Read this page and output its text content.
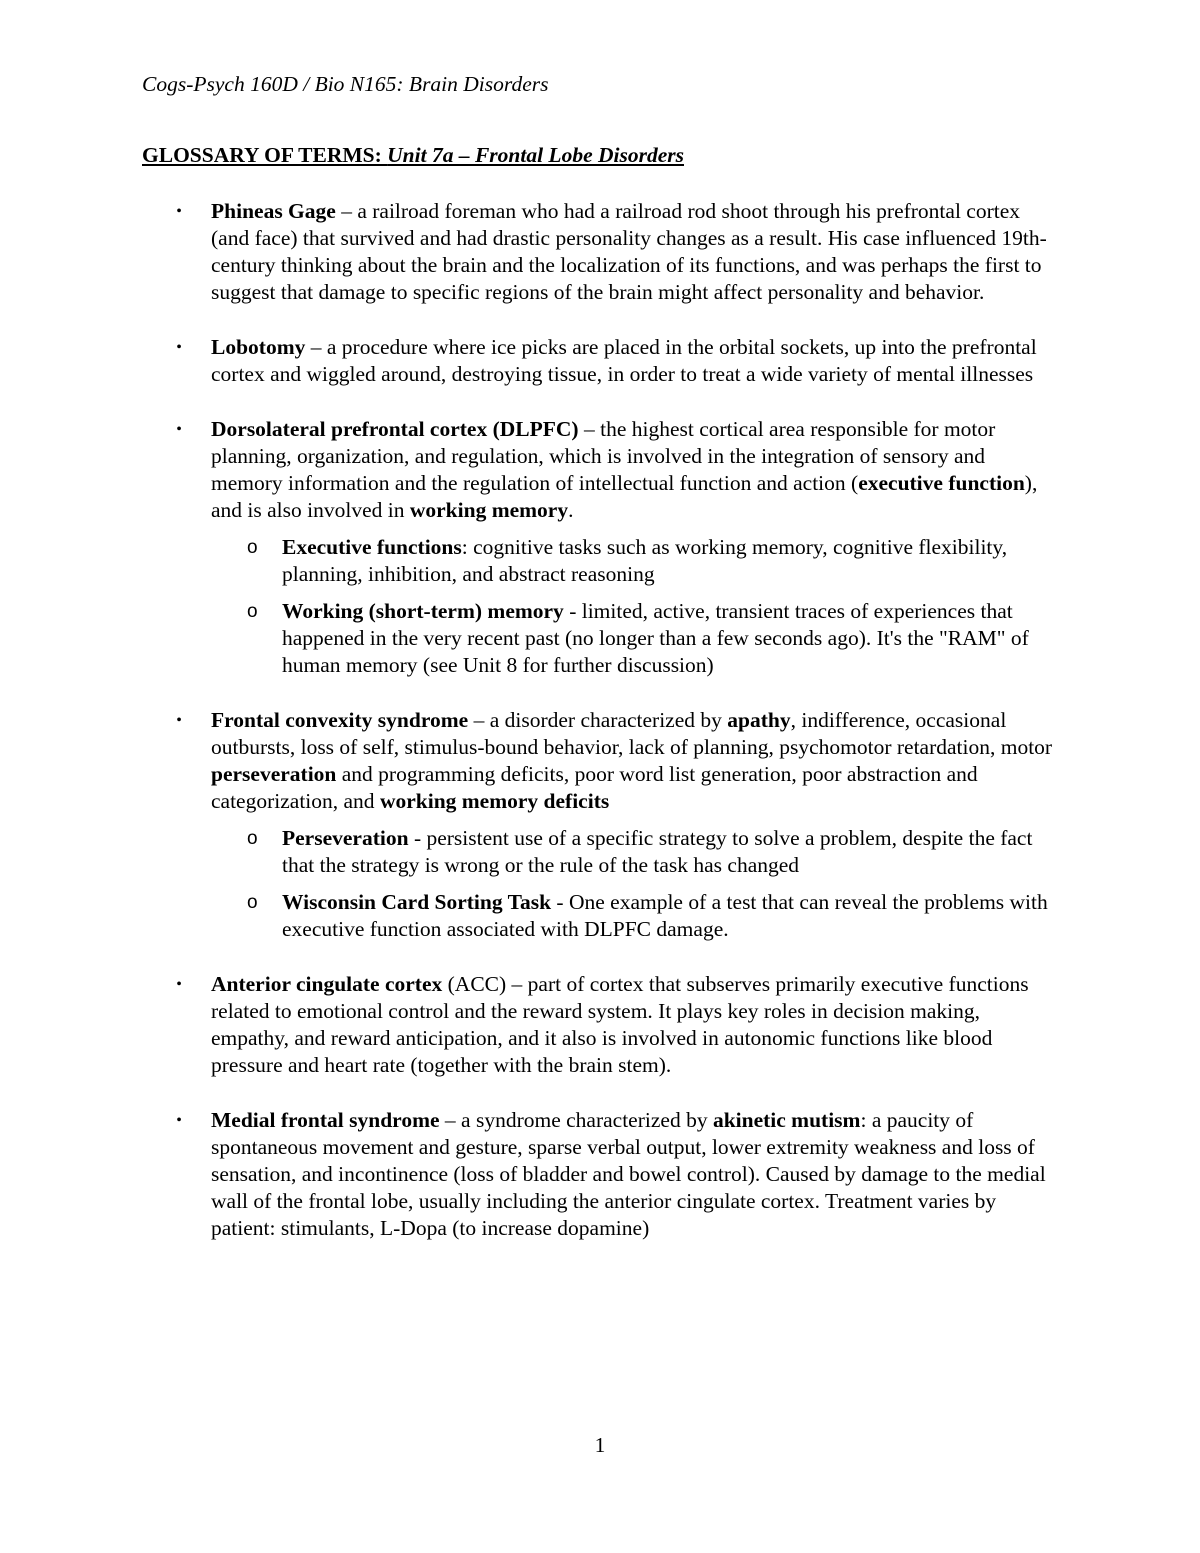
Cogs-Psych 160D / Bio N165: Brain Disorders
GLOSSARY OF TERMS: Unit 7a – Frontal Lobe Disorders
• Phineas Gage – a railroad foreman who had a railroad rod shoot through his prefrontal cortex (and face) that survived and had drastic personality changes as a result. His case influenced 19th-century thinking about the brain and the localization of its functions, and was perhaps the first to suggest that damage to specific regions of the brain might affect personality and behavior.
• Lobotomy – a procedure where ice picks are placed in the orbital sockets, up into the prefrontal cortex and wiggled around, destroying tissue, in order to treat a wide variety of mental illnesses
• Dorsolateral prefrontal cortex (DLPFC) – the highest cortical area responsible for motor planning, organization, and regulation, which is involved in the integration of sensory and memory information and the regulation of intellectual function and action (executive function), and is also involved in working memory.
o Executive functions: cognitive tasks such as working memory, cognitive flexibility, planning, inhibition, and abstract reasoning
o Working (short-term) memory - limited, active, transient traces of experiences that happened in the very recent past (no longer than a few seconds ago). It's the "RAM" of human memory (see Unit 8 for further discussion)
• Frontal convexity syndrome – a disorder characterized by apathy, indifference, occasional outbursts, loss of self, stimulus-bound behavior, lack of planning, psychomotor retardation, motor perseveration and programming deficits, poor word list generation, poor abstraction and categorization, and working memory deficits
o Perseveration - persistent use of a specific strategy to solve a problem, despite the fact that the strategy is wrong or the rule of the task has changed
o Wisconsin Card Sorting Task - One example of a test that can reveal the problems with executive function associated with DLPFC damage.
• Anterior cingulate cortex (ACC) – part of cortex that subserves primarily executive functions related to emotional control and the reward system. It plays key roles in decision making, empathy, and reward anticipation, and it also is involved in autonomic functions like blood pressure and heart rate (together with the brain stem).
• Medial frontal syndrome – a syndrome characterized by akinetic mutism: a paucity of spontaneous movement and gesture, sparse verbal output, lower extremity weakness and loss of sensation, and incontinence (loss of bladder and bowel control). Caused by damage to the medial wall of the frontal lobe, usually including the anterior cingulate cortex. Treatment varies by patient: stimulants, L-Dopa (to increase dopamine)
1
